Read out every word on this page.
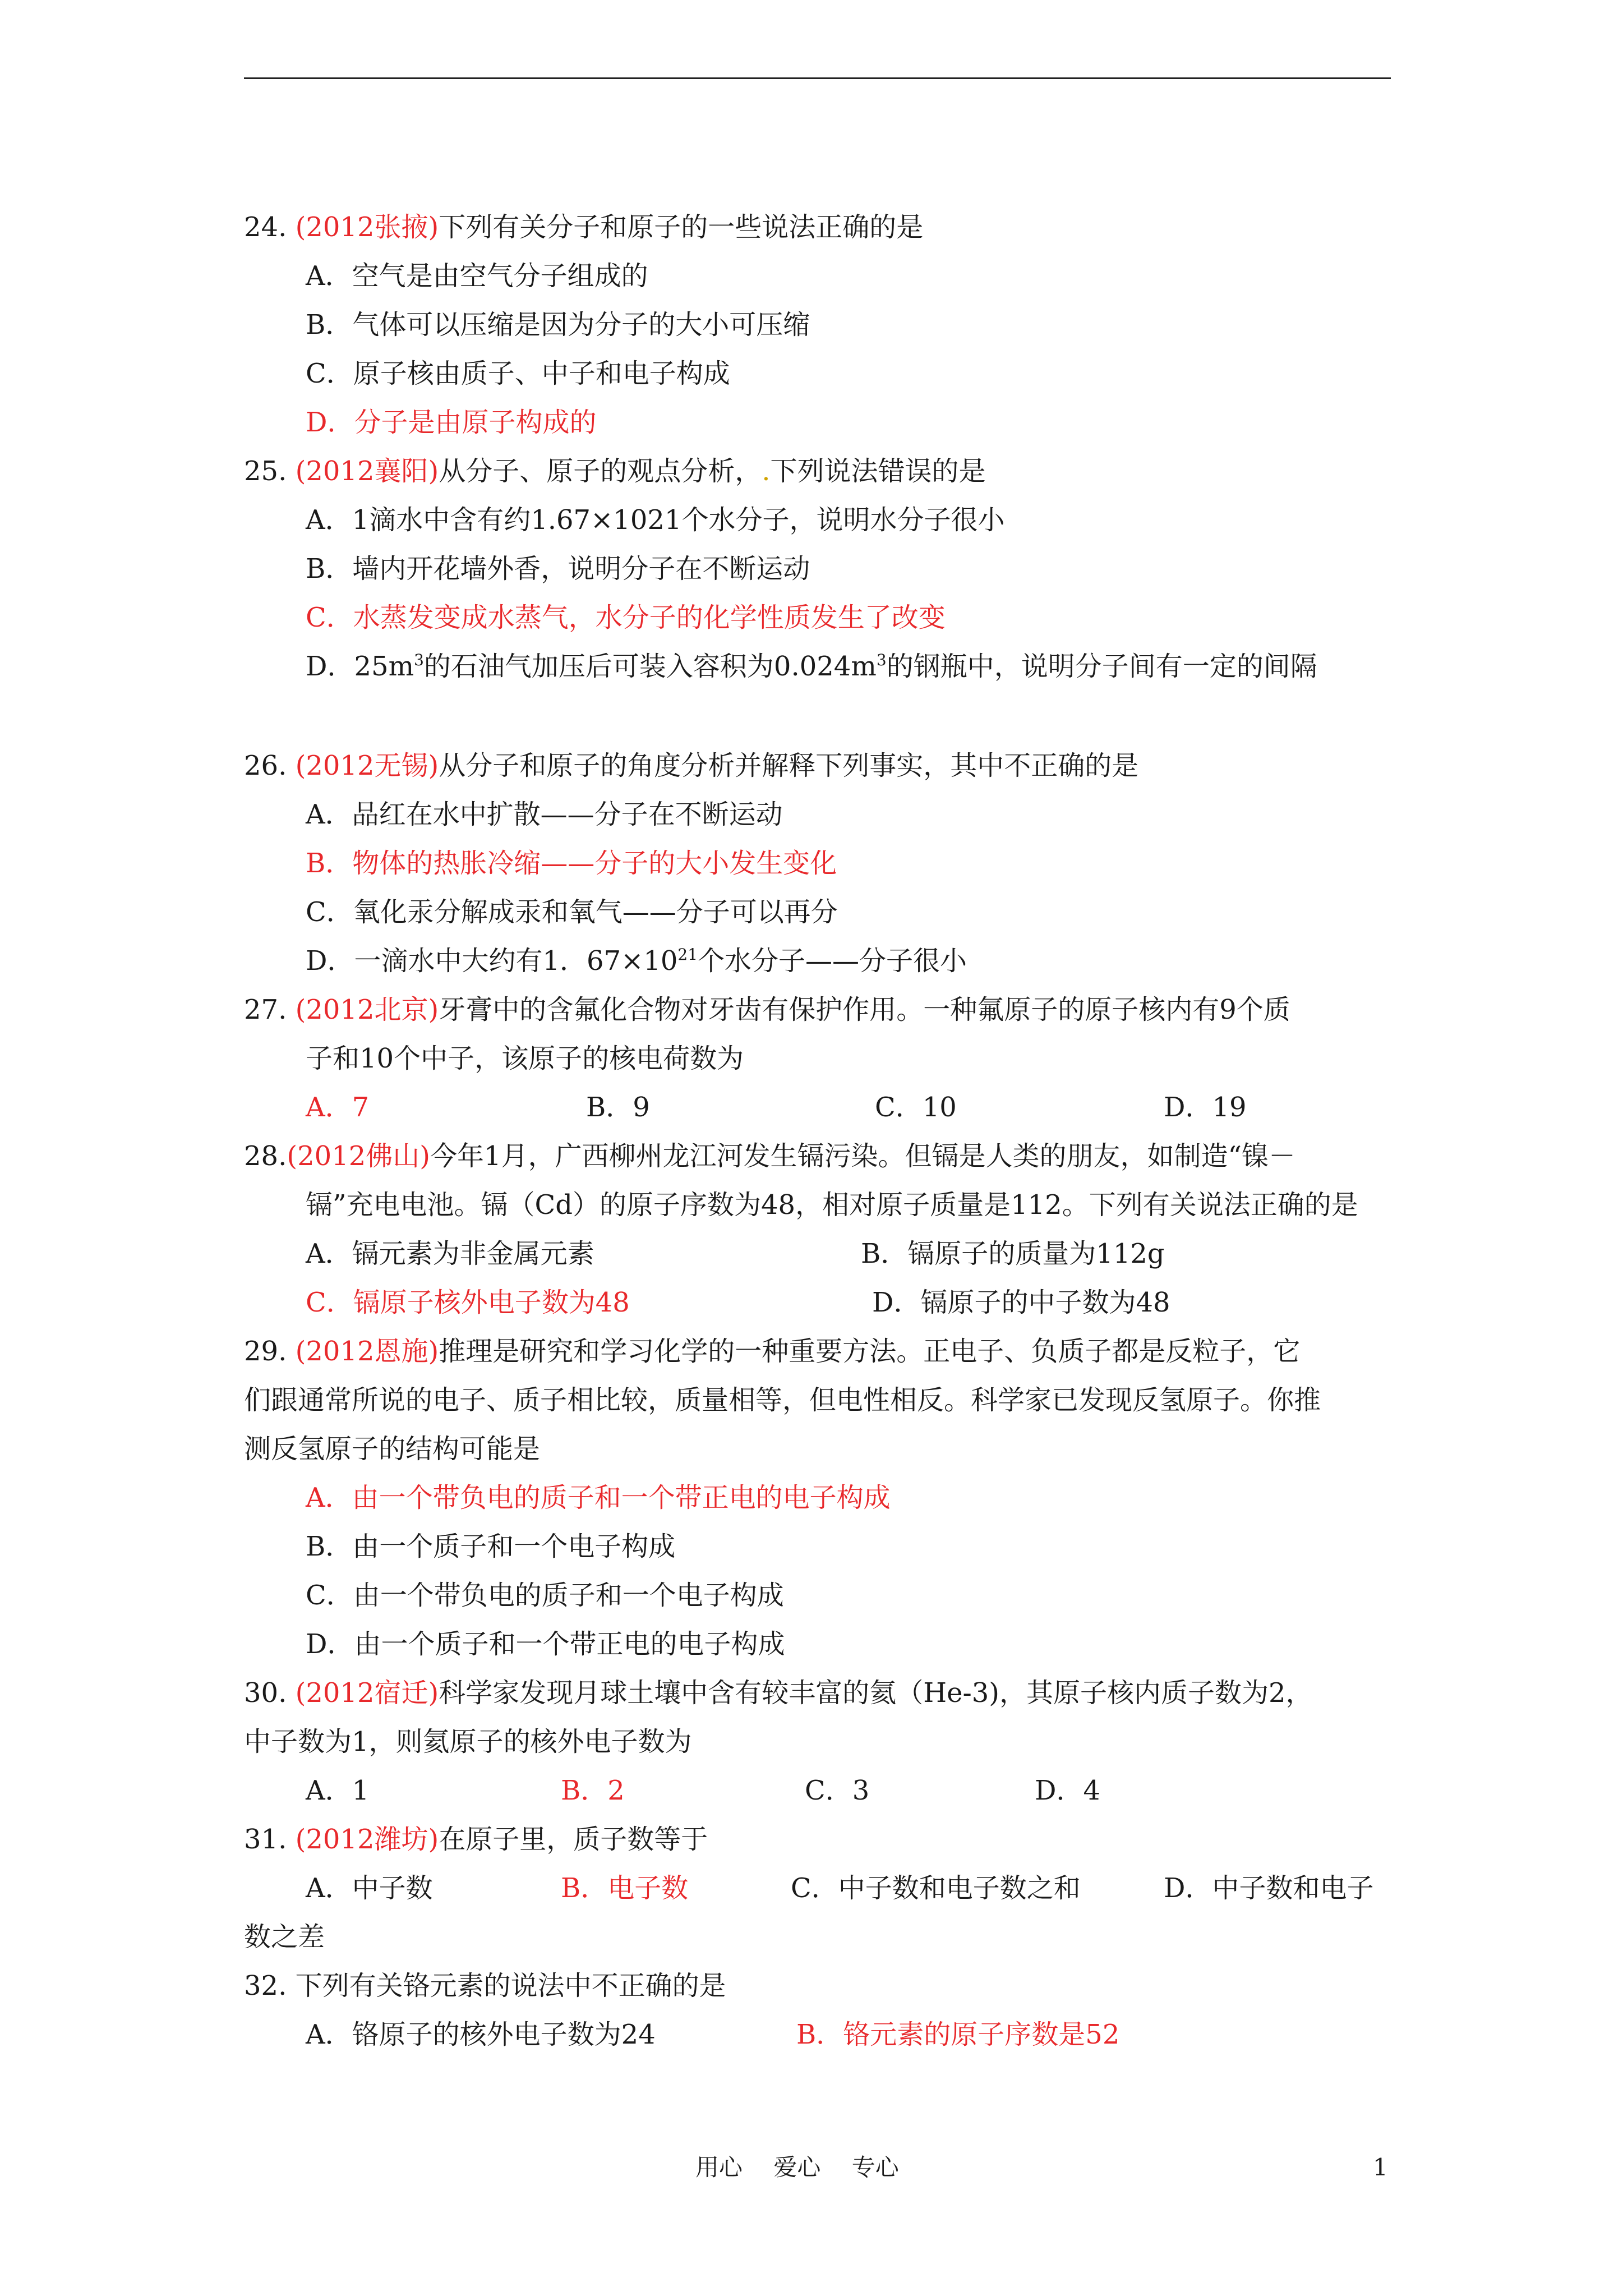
24. (2012张掖)下列有关分子和原子的一些说法正确的是
A．空气是由空气分子组成的
B．气体可以压缩是因为分子的大小可压缩
C．原子核由质子、中子和电子构成
D．分子是由原子构成的
25. (2012襄阳)从分子、原子的观点分析，.下列说法错误的是
A．1滴水中含有约1.67×1021个水分子，说明水分子很小
B．墙内开花墙外香，说明分子在不断运动
C．水蒸发变成水蒸气，水分子的化学性质发生了改变
D．$25m^3$的石油气加压后可装入容积为$0.024m^3$的钢瓶中，说明分子间有一定的间隔
26. (2012无锡)从分子和原子的角度分析并解释下列事实，其中不正确的是
A．品红在水中扩散——分子在不断运动
B．物体的热胀冷缩——分子的大小发生变化
C．氧化汞分解成汞和氧气——分子可以再分
D．一滴水中大约有1．$67\times 10^{21}$个水分子——分子很小
27. (2012北京)牙膏中的含氟化合物对牙齿有保护作用。一种氟原子的原子核内有9个质
子和10个中子，该原子的核电荷数为
A．7	B．9	C．10	D．19
28.(2012佛山)今年1月，广西柳州龙江河发生镉污染。但镉是人类的朋友，如制造“镍－
镉”充电电池。镉（Cd）的原子序数为48，相对原子质量是112。下列有关说法正确的是
A．镉元素为非金属元素	B．镉原子的质量为112g
C．镉原子核外电子数为48	D．镉原子的中子数为48
29. (2012恩施)推理是研究和学习化学的一种重要方法。正电子、负质子都是反粒子，它
们跟通常所说的电子、质子相比较，质量相等，但电性相反。科学家已发现反氢原子。你推
测反氢原子的结构可能是
A．由一个带负电的质子和一个带正电的电子构成
B．由一个质子和一个电子构成
C．由一个带负电的质子和一个电子构成
D．由一个质子和一个带正电的电子构成
30. (2012宿迁)科学家发现月球土壤中含有较丰富的氦（He-3)，其原子核内质子数为2，
中子数为1，则氦原子的核外电子数为
A．1	B．2	C．3	D．4
31. (2012潍坊)在原子里，质子数等于
A．中子数	B．电子数	C．中子数和电子数之和	D．中子数和电子
数之差
32. 下列有关铬元素的说法中不正确的是
A．铬原子的核外电子数为24	B．铬元素的原子序数是52
用心 爱心 专心	1
